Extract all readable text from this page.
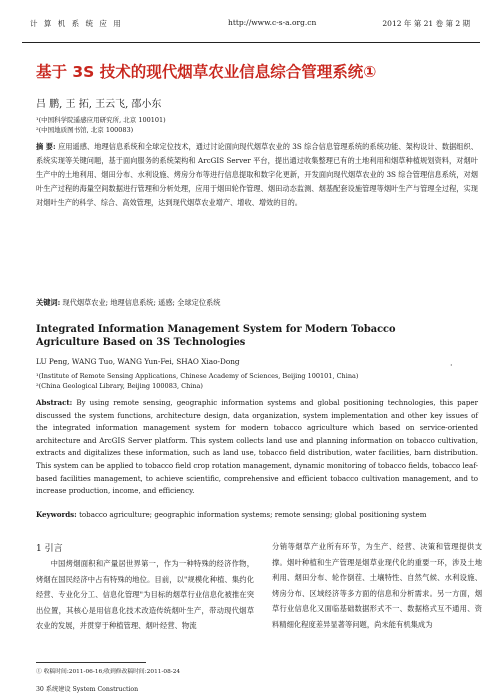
计 算 机 系 统 应 用	http://www.c-s-a.org.cn	2012 年 第 21 卷 第 2 期
基于 3S 技术的现代烟草农业信息综合管理系统①
吕 鹏, 王 拓, 王云飞, 邵小东
¹(中国科学院遥感应用研究所, 北京 100101)
²(中国地质图书馆, 北京 100083)
摘 要: 应用遥感、地理信息系统和全球定位技术，通过讨论面向现代烟草农业的 3S 综合信息管理系统的系统功能、架构设计、数据组织、系统实现等关键问题，基于面向服务的系统架构和 ArcGIS Server 平台，提出通过收集整理已有的土地利用和烟草种植规划资料，对烟叶生产中的土地利用、烟田分布、水利设施、烤房分布等进行信息提取和数字化更新，开发面向现代烟草农业的 3S 综合管理信息系统，对烟叶生产过程的海量空间数据进行管理和分析处理，应用于烟田轮作管理、烟田动态监测、烟基配套设施管理等烟叶生产与管理全过程，实现对烟叶生产的科学、综合、高效管理，达到现代烟草农业增产、增收、增效的目的。
关键词: 现代烟草农业; 地理信息系统; 遥感; 全球定位系统
Integrated Information Management System for Modern Tobacco Agriculture Based on 3S Technologies
·
LU Peng, WANG Tuo, WANG Yun-Fei, SHAO Xiao-Dong
¹(Institute of Remote Sensing Applications, Chinese Academy of Sciences, Beijing 100101, China)
²(China Geological Library, Beijing 100083, China)
Abstract: By using remote sensing, geographic information systems and global positioning technologies, this paper discussed the system functions, architecture design, data organization, system implementation and other key issues of the integrated information management system for modern tobacco agriculture which based on service-oriented architecture and ArcGIS Server platform. This system collects land use and planning information on tobacco cultivation, extracts and digitalizes these information, such as land use, tobacco field distribution, water facilities, barn distribution. This system can be applied to tobacco field crop rotation management, dynamic monitoring of tobacco fields, tobacco leaf-based facilities management, to achieve scientific, comprehensive and efficient tobacco cultivation management, and to increase production, income, and efficiency.
Keywords: tobacco agriculture; geographic information systems; remote sensing; global positioning system
1 引言
中国烤烟面积和产量居世界第一，作为一种特殊的经济作物，烤烟在国民经济中占有特殊的地位。目前，以"规模化种植、集约化经营、专业化分工、信息化管理"为目标的烟草行业信息化被推在突出位置，其核心是用信息化技术改造传统烟叶生产，带动现代烟草农业的发展，并贯穿于种植管理、烟叶经营、物流
分销等烟草产业所有环节，为生产、经营、决策和管理提供支撑。烟叶种植和生产管理是烟草业现代化的重要一环，涉及土地利用、烟田分布、轮作倒茬、土壤特性、自然气候、水利设施、烤房分布、区域经济等多方面的信息和分析需求。另一方面，烟草行业信息化又面临基础数据形式不一、数据格式互不通用、资料精细化程度差异显著等问题，尚未能有机集成为
① 收稿时间:2011-06-16;收到修改稿时间:2011-08-24
30 系统建设 System Construction
